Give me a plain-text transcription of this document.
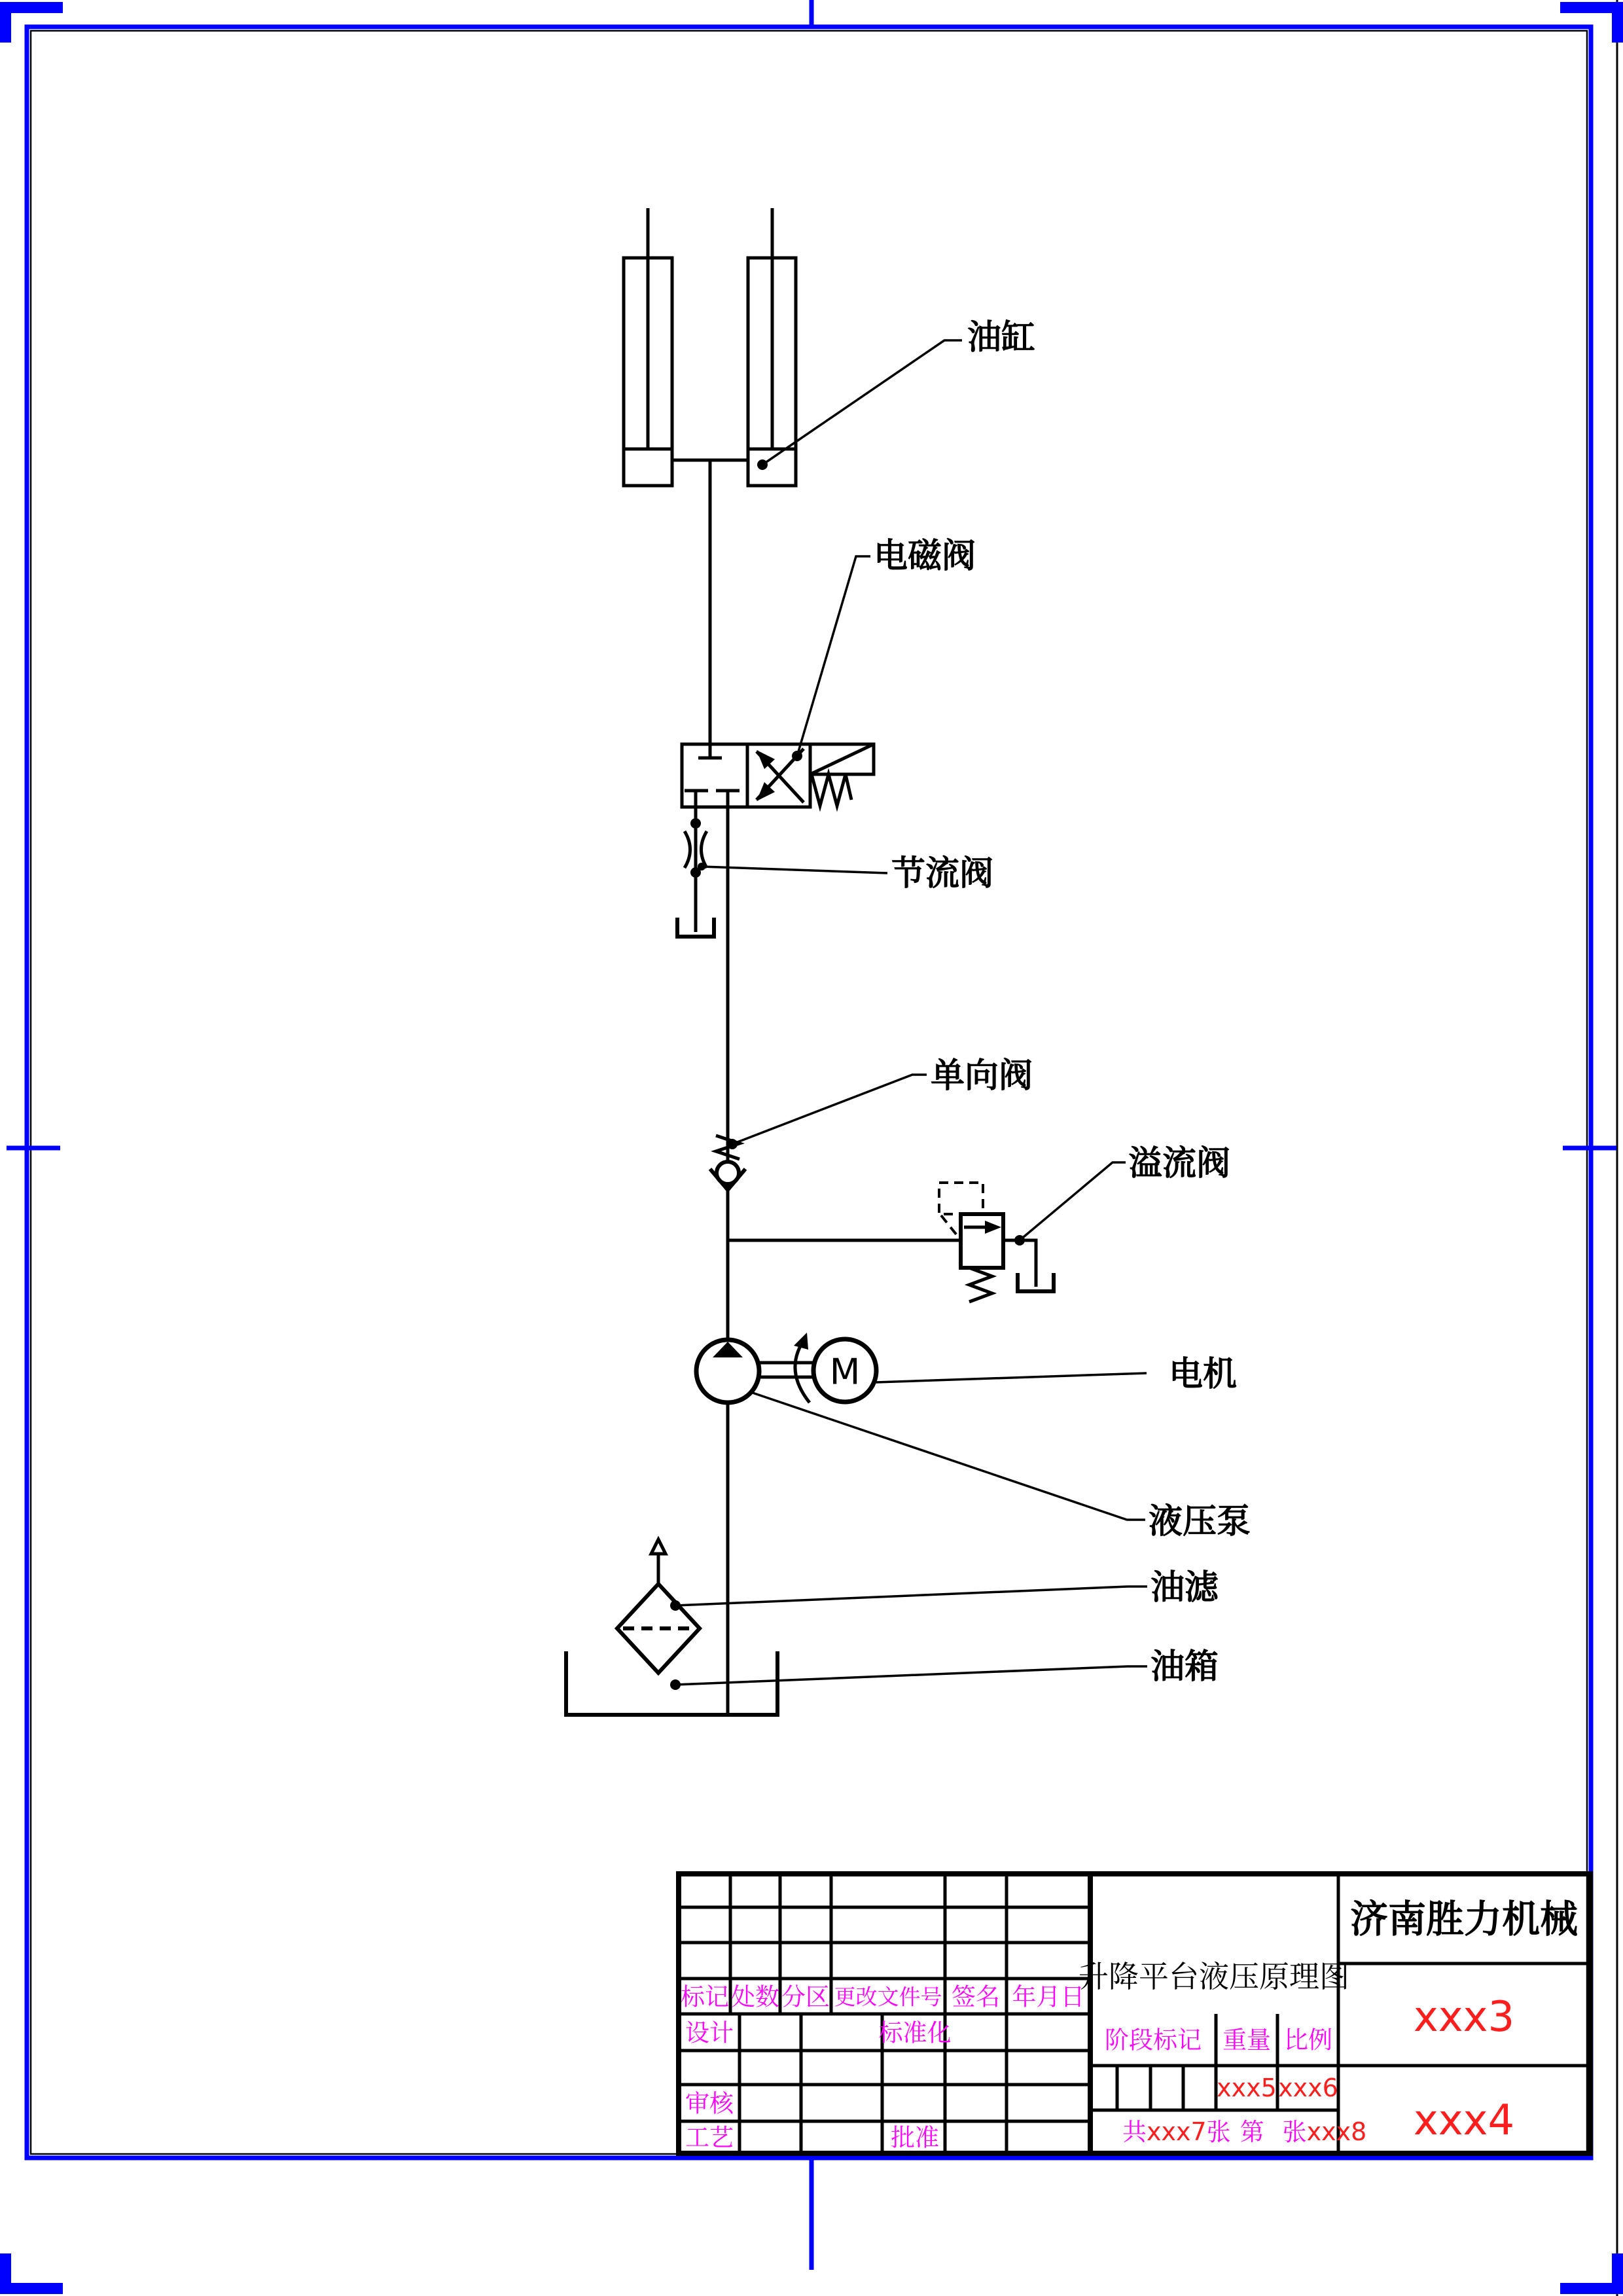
M
油缸
电磁阀
节流阀
单向阀
溢流阀
电机
液压泵
油滤
油箱
标记 处数 分区 更改文件号 签名 年月日
设计	标准化
审核
工艺	批准
升降平台液压原理图
阶段标记 重量 比例
xxx5 xxx6
共xxx7张 第 张xxx8
济南胜力机械
xxx3
xxx4
